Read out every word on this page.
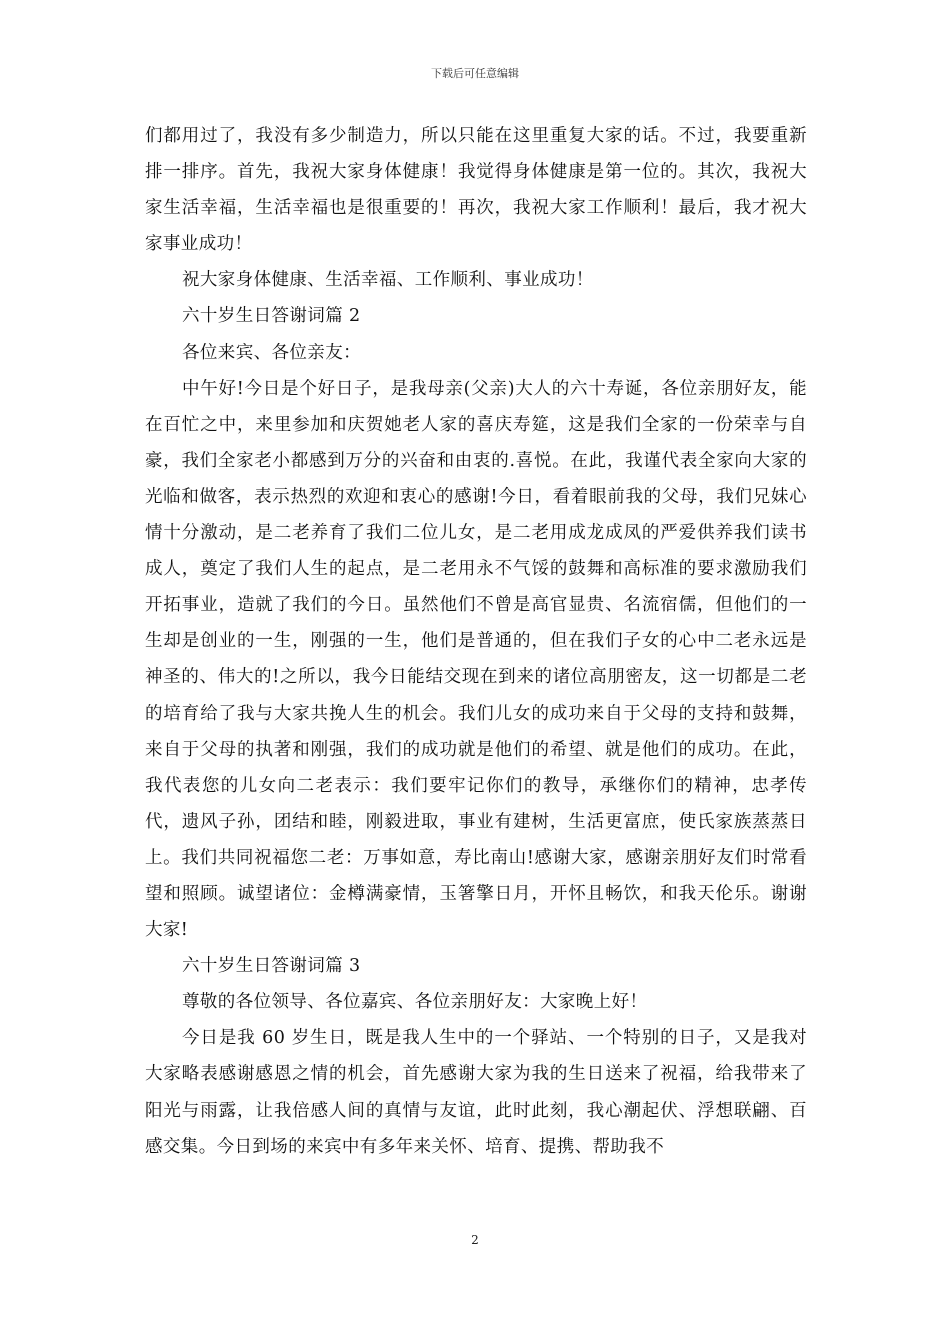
下载后可任意编辑

们都用过了，我没有多少制造力，所以只能在这里重复大家的话。不过，我要重新排一排序。首先，我祝大家身体健康！我觉得身体健康是第一位的。其次，我祝大家生活幸福，生活幸福也是很重要的！再次，我祝大家工作顺利！最后，我才祝大家事业成功！

祝大家身体健康、生活幸福、工作顺利、事业成功！

六十岁生日答谢词篇 2

各位来宾、各位亲友：

中午好!今日是个好日子，是我母亲(父亲)大人的六十寿诞，各位亲朋好友，能在百忙之中，来里参加和庆贺她老人家的喜庆寿筵，这是我们全家的一份荣幸与自豪，我们全家老小都感到万分的兴奋和由衷的.喜悦。在此，我谨代表全家向大家的光临和做客，表示热烈的欢迎和衷心的感谢!今日，看着眼前我的父母，我们兄妹心情十分激动，是二老养育了我们二位儿女，是二老用成龙成凤的严爱供养我们读书成人，奠定了我们人生的起点，是二老用永不气馁的鼓舞和高标准的要求激励我们开拓事业，造就了我们的今日。虽然他们不曾是高官显贵、名流宿儒，但他们的一生却是创业的一生，刚强的一生，他们是普通的，但在我们子女的心中二老永远是神圣的、伟大的!之所以，我今日能结交现在到来的诸位高朋密友，这一切都是二老的培育给了我与大家共挽人生的机会。我们儿女的成功来自于父母的支持和鼓舞，来自于父母的执著和刚强，我们的成功就是他们的希望、就是他们的成功。在此，我代表您的儿女向二老表示：我们要牢记你们的教导，承继你们的精神，忠孝传代，遗风子孙，团结和睦，刚毅进取，事业有建树，生活更富庶，使氏家族蒸蒸日上。我们共同祝福您二老：万事如意，寿比南山!感谢大家，感谢亲朋好友们时常看望和照顾。诚望诸位：金樽满豪情，玉箸擎日月，开怀且畅饮，和我天伦乐。谢谢大家!

六十岁生日答谢词篇 3

尊敬的各位领导、各位嘉宾、各位亲朋好友：大家晚上好！

今日是我 60 岁生日，既是我人生中的一个驿站、一个特别的日子，又是我对大家略表感谢感恩之情的机会，首先感谢大家为我的生日送来了祝福，给我带来了阳光与雨露，让我倍感人间的真情与友谊，此时此刻，我心潮起伏、浮想联翩、百感交集。今日到场的来宾中有多年来关怀、培育、提携、帮助我不

2
